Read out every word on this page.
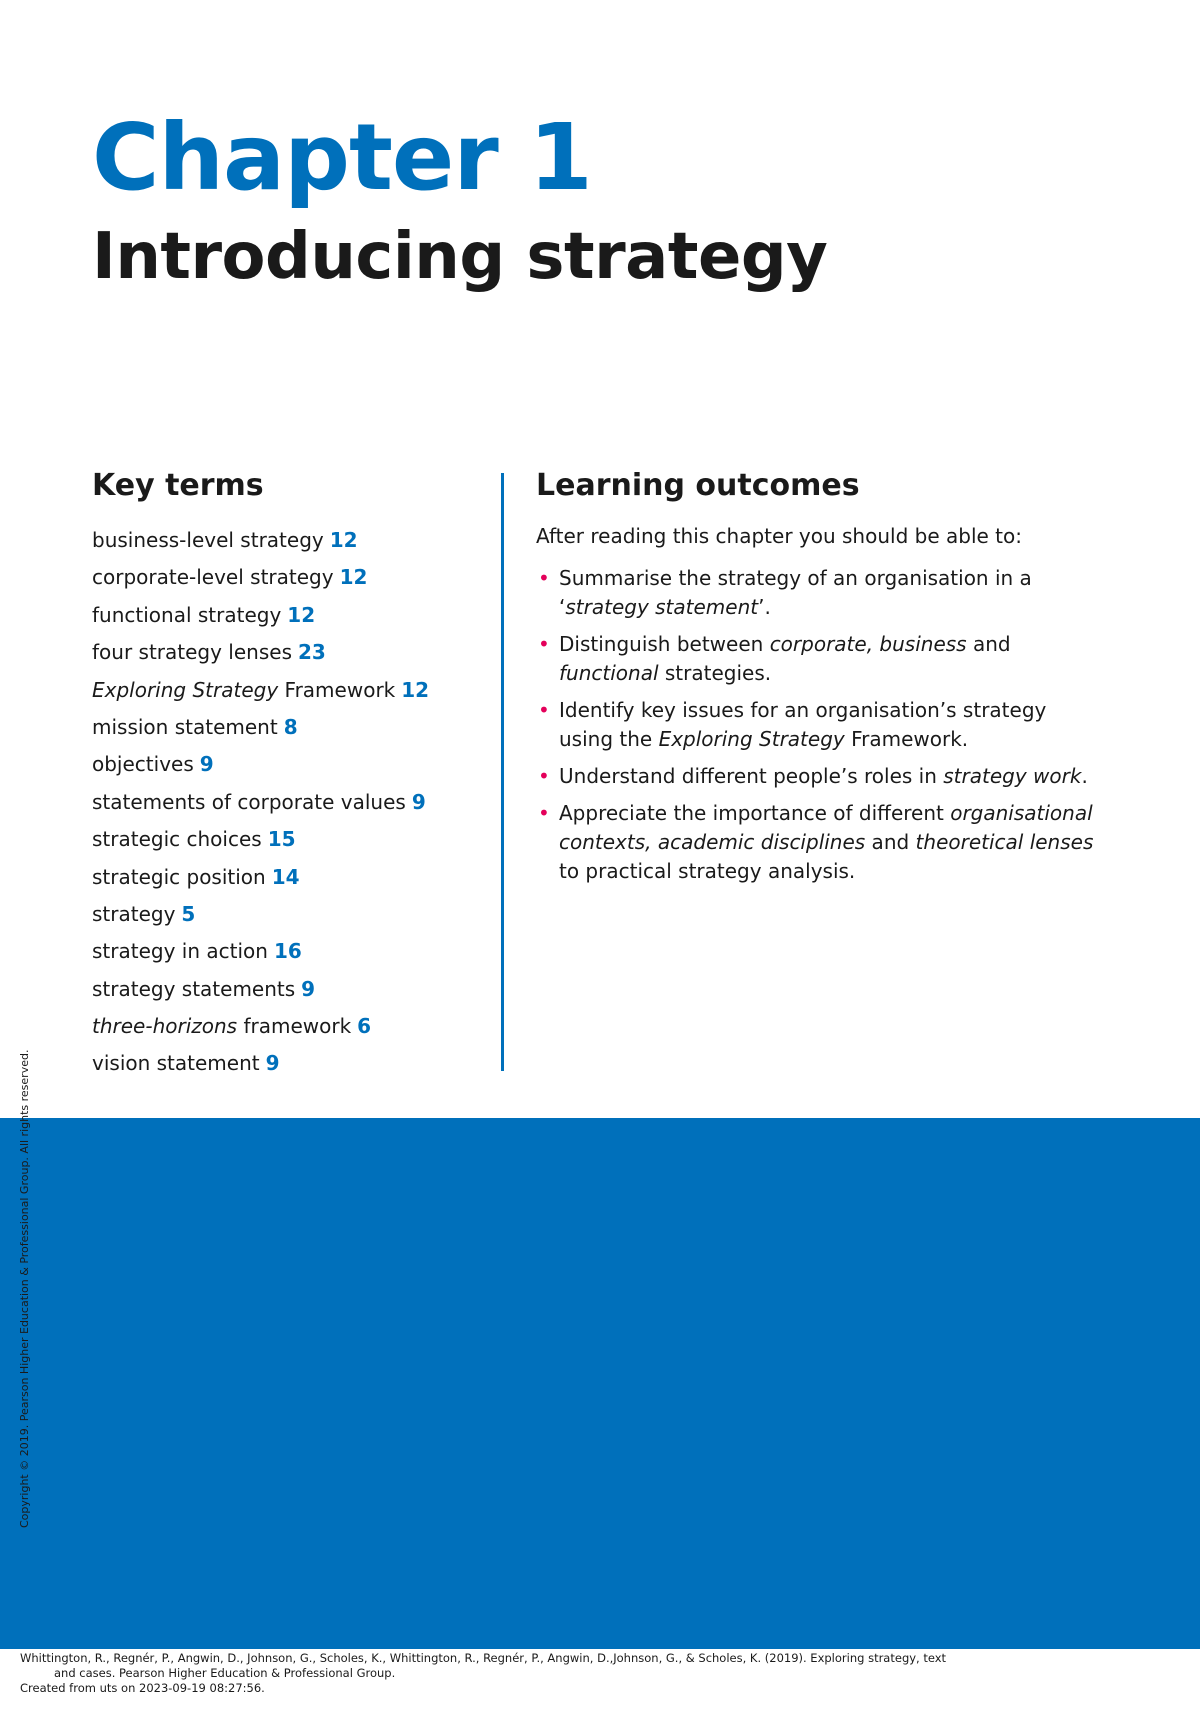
Chapter 1
Introducing strategy
Key terms
business-level strategy 12
corporate-level strategy 12
functional strategy 12
four strategy lenses 23
Exploring Strategy Framework 12
mission statement 8
objectives 9
statements of corporate values 9
strategic choices 15
strategic position 14
strategy 5
strategy in action 16
strategy statements 9
three-horizons framework 6
vision statement 9
Learning outcomes

After reading this chapter you should be able to:

• Summarise the strategy of an organisation in a ‘strategy statement’.
• Distinguish between corporate, business and functional strategies.
• Identify key issues for an organisation’s strategy using the Exploring Strategy Framework.
• Understand different people’s roles in strategy work.
• Appreciate the importance of different organisational contexts, academic disciplines and theoretical lenses to practical strategy analysis.
Copyright © 2019. Pearson Higher Education & Professional Group. All rights reserved.

Whittington, R., Regnér, P., Angwin, D., Johnson, G., Scholes, K., Whittington, R., Regnér, P., Angwin, D.,Johnson, G., & Scholes, K. (2019). Exploring strategy, text
and cases. Pearson Higher Education & Professional Group.
Created from uts on 2023-09-19 08:27:56.
